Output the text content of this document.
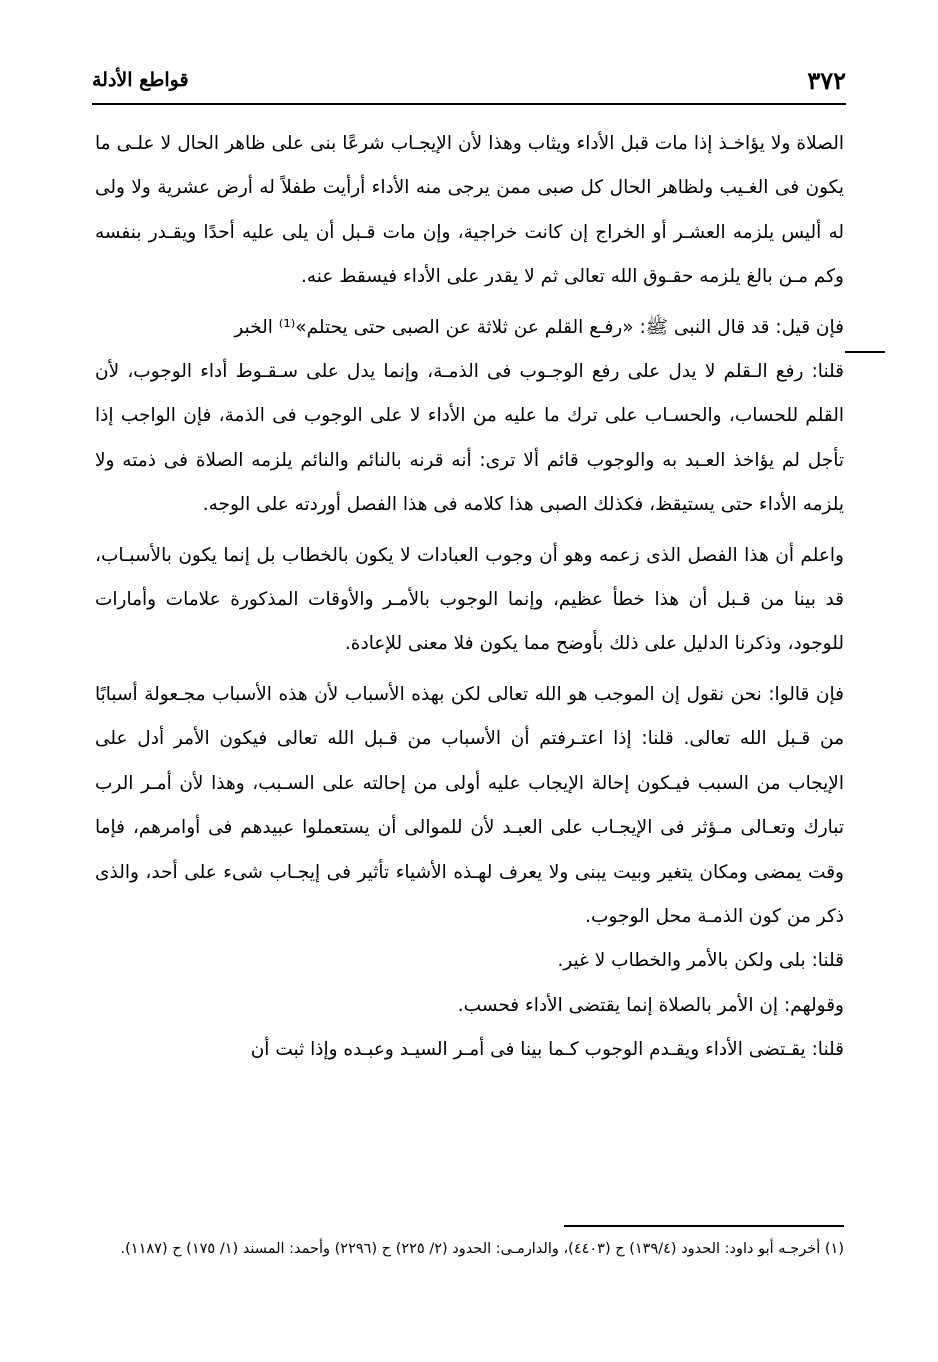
٣٧٢
قواطع الأدلة

الصلاة ولا يؤاخـذ إذا مات قبل الأداء ويثاب وهذا لأن الإيجـاب شرعًا بنى على ظاهر الحال لا علـى ما يكون فى الغـيب ولظاهر الحال كل صبى ممن يرجى منه الأداء أرأيت طفلاً له أرض عشرية ولا ولى له أليس يلزمه العشـر أو الخراج إن كانت خراجية، وإن مات قـبل أن يلى عليه أحدًا ويقـدر بنفسه وكم مـن بالغ يلزمه حقـوق الله تعالى ثم لا يقدر على الأداء فيسقط عنه.

فإن قيل: قد قال النبى ﷺ: «رفـع القلم عن ثلاثة عن الصبى حتى يحتلم»⁽¹⁾ الخبر

قلنا: رفع الـقلم لا يدل على رفع الوجـوب فى الذمـة، وإنما يدل على سـقـوط أداء الوجوب، لأن القلم للحساب، والحسـاب على ترك ما عليه من الأداء لا على الوجوب فى الذمة، فإن الواجب إذا تأجل لم يؤاخذ العـبد به والوجوب قائم ألا ترى: أنه قرنه بالنائم والنائم يلزمه الصلاة فى ذمته ولا يلزمه الأداء حتى يستيقظ، فكذلك الصبى هذا كلامه فى هذا الفصل أوردته على الوجه.

واعلم أن هذا الفصل الذى زعمه وهو أن وجوب العبادات لا يكون بالخطاب بل إنما يكون بالأسبـاب، قد بينا من قـبل أن هذا خطأ عظيم، وإنما الوجوب بالأمـر والأوقات المذكورة علامات وأمارات للوجود، وذكرنا الدليل على ذلك بأوضح مما يكون فلا معنى للإعادة.

فإن قالوا: نحن نقول إن الموجب هو الله تعالى لكن بهذه الأسباب لأن هذه الأسباب مجـعولة أسبابًا من قـبل الله تعالى. قلنا: إذا اعتـرفتم أن الأسباب من قـبل الله تعالى فيكون الأمر أدل على الإيجاب من السبب فيـكون إحالة الإيجاب عليه أولى من إحالته على السـبب، وهذا لأن أمـر الرب تبارك وتعـالى مـؤثر فى الإيجـاب على العبـد لأن للموالى أن يستعملوا عبيدهم فى أوامرهم، فإما وقت يمضى ومكان يتغير وبيت يبنى ولا يعرف لهـذه الأشياء تأثير فى إيجـاب شىء على أحد، والذى ذكر من كون الذمـة محل الوجوب.

قلنا: بلى ولكن بالأمر والخطاب لا غير.

وقولهم: إن الأمر بالصلاة إنما يقتضى الأداء فحسب.

قلنا: يقـتضى الأداء ويقـدم الوجوب كـما بينا فى أمـر السيـد وعبـده وإذا ثبت أن

(١) أخرجـه أبو داود: الحدود (١٣٩/٤) ح (٤٤٠٣)، والدارمـى: الحدود (٢/ ٢٢٥) ح (٢٢٩٦) وأحمد: المسند (١/ ١٧٥) ح (١١٨٧).
